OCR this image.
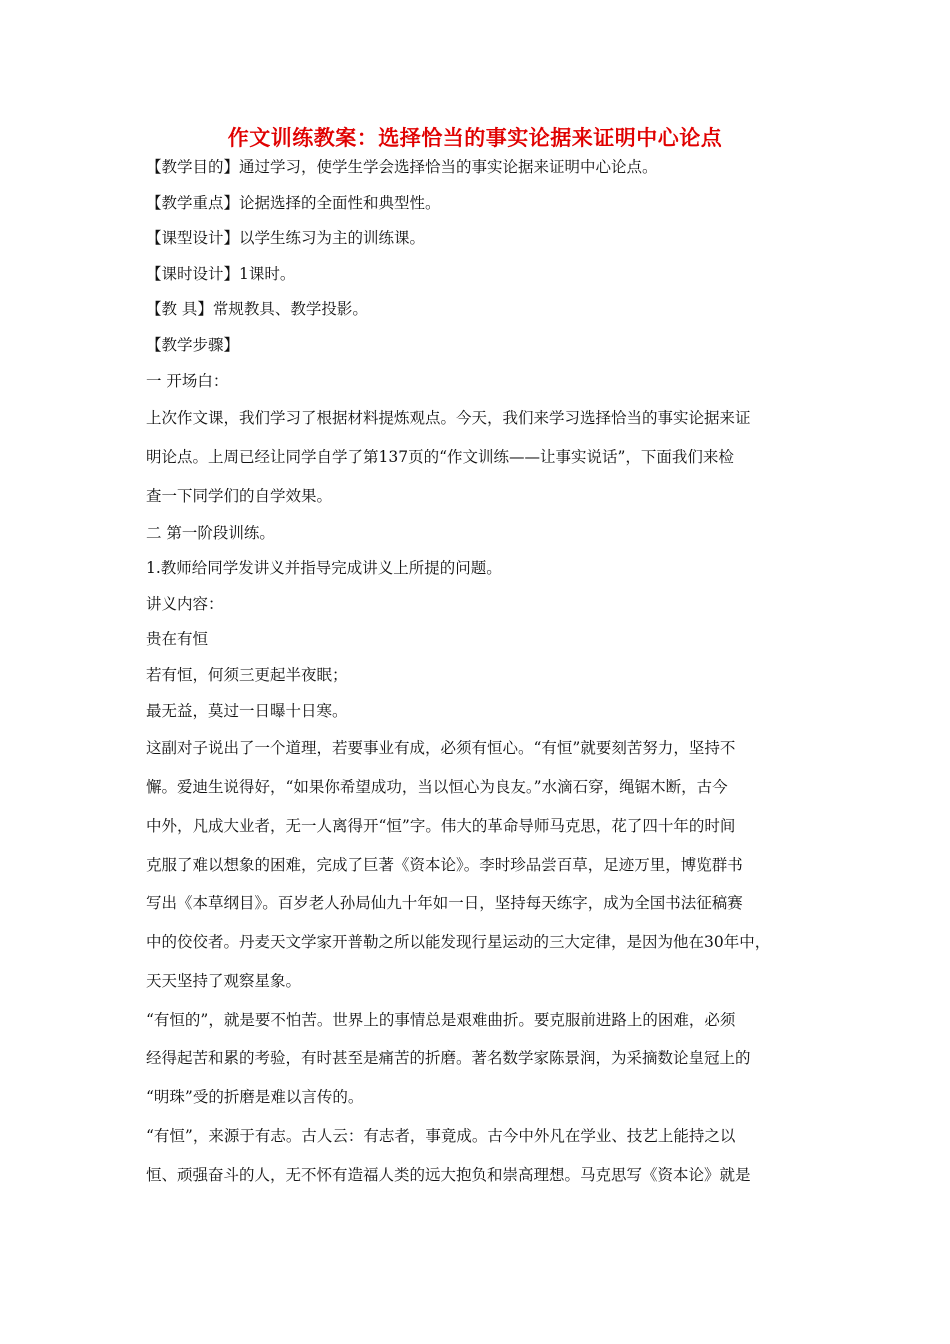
作文训练教案：选择恰当的事实论据来证明中心论点
【教学目的】通过学习，使学生学会选择恰当的事实论据来证明中心论点。
【教学重点】论据选择的全面性和典型性。
【课型设计】以学生练习为主的训练课。
【课时设计】1课时。
【教 具】常规教具、教学投影。
【教学步骤】
一 开场白：
上次作文课，我们学习了根据材料提炼观点。今天，我们来学习选择恰当的事实论据来证
明论点。上周已经让同学自学了第137页的“作文训练——让事实说话”，下面我们来检
查一下同学们的自学效果。
二 第一阶段训练。
1.教师给同学发讲义并指导完成讲义上所提的问题。
讲义内容：
贵在有恒
若有恒，何须三更起半夜眠；
最无益，莫过一日曝十日寒。
这副对子说出了一个道理，若要事业有成，必须有恒心。“有恒”就要刻苦努力，坚持不
懈。爱迪生说得好，“如果你希望成功，当以恒心为良友。”水滴石穿，绳锯木断，古今
中外，凡成大业者，无一人离得开“恒”字。伟大的革命导师马克思，花了四十年的时间
克服了难以想象的困难，完成了巨著《资本论》。李时珍品尝百草，足迹万里，博览群书
写出《本草纲目》。百岁老人孙局仙九十年如一日，坚持每天练字，成为全国书法征稿赛
中的佼佼者。丹麦天文学家开普勒之所以能发现行星运动的三大定律，是因为他在30年中，
天天坚持了观察星象。
“有恒的”，就是要不怕苦。世界上的事情总是艰难曲折。要克服前进路上的困难，必须
经得起苦和累的考验，有时甚至是痛苦的折磨。著名数学家陈景润，为采摘数论皇冠上的
“明珠”受的折磨是难以言传的。
“有恒”，来源于有志。古人云：有志者，事竟成。古今中外凡在学业、技艺上能持之以
恒、顽强奋斗的人，无不怀有造福人类的远大抱负和崇高理想。马克思写《资本论》就是
